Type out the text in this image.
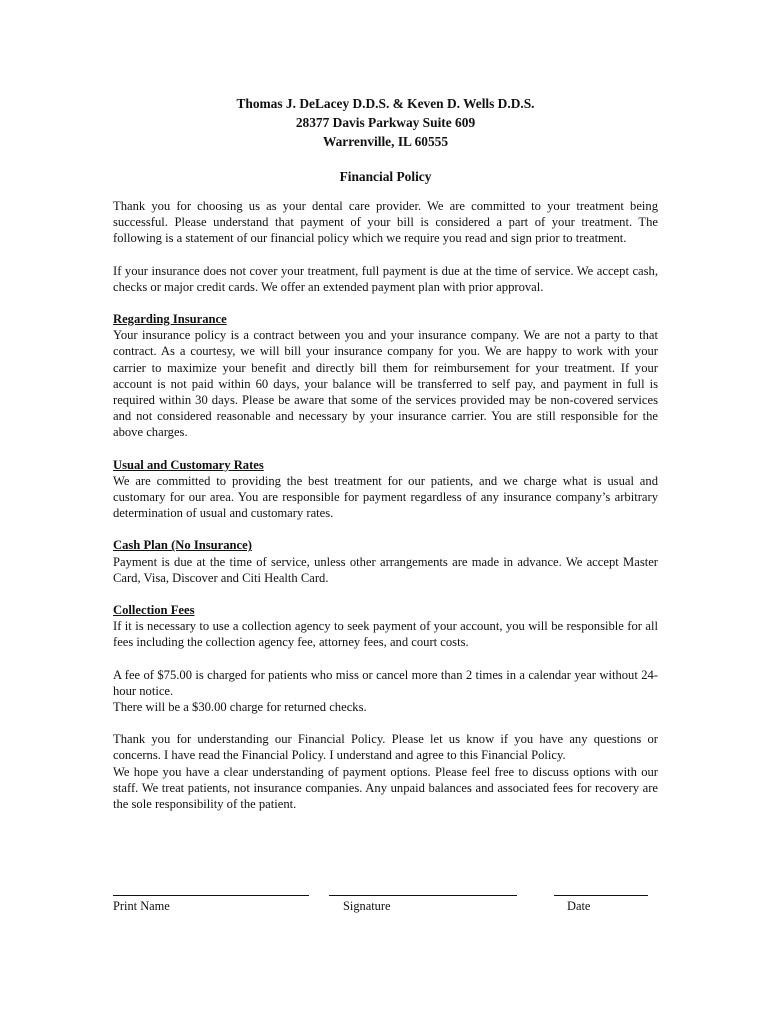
Thomas J. DeLacey D.D.S. & Keven D. Wells D.D.S.
28377 Davis Parkway Suite 609
Warrenville, IL 60555
Financial Policy

Thank you for choosing us as your dental care provider. We are committed to your treatment being successful. Please understand that payment of your bill is considered a part of your treatment. The following is a statement of our financial policy which we require you read and sign prior to treatment.

If your insurance does not cover your treatment, full payment is due at the time of service. We accept cash, checks or major credit cards. We offer an extended payment plan with prior approval.

Regarding Insurance

Your insurance policy is a contract between you and your insurance company. We are not a party to that contract. As a courtesy, we will bill your insurance company for you. We are happy to work with your carrier to maximize your benefit and directly bill them for reimbursement for your treatment. If your account is not paid within 60 days, your balance will be transferred to self pay, and payment in full is required within 30 days. Please be aware that some of the services provided may be non-covered services and not considered reasonable and necessary by your insurance carrier. You are still responsible for the above charges.

Usual and Customary Rates

We are committed to providing the best treatment for our patients, and we charge what is usual and customary for our area. You are responsible for payment regardless of any insurance company’s arbitrary determination of usual and customary rates.

Cash Plan (No Insurance)

Payment is due at the time of service, unless other arrangements are made in advance. We accept Master Card, Visa, Discover and Citi Health Card.

Collection Fees

If it is necessary to use a collection agency to seek payment of your account, you will be responsible for all fees including the collection agency fee, attorney fees, and court costs.

A fee of $75.00 is charged for patients who miss or cancel more than 2 times in a calendar year without 24-hour notice.

There will be a $30.00 charge for returned checks.

Thank you for understanding our Financial Policy. Please let us know if you have any questions or concerns. I have read the Financial Policy. I understand and agree to this Financial Policy.

We hope you have a clear understanding of payment options. Please feel free to discuss options with our staff. We treat patients, not insurance companies. Any unpaid balances and associated fees for recovery are the sole responsibility of the patient.

Print Name	Signature	Date
